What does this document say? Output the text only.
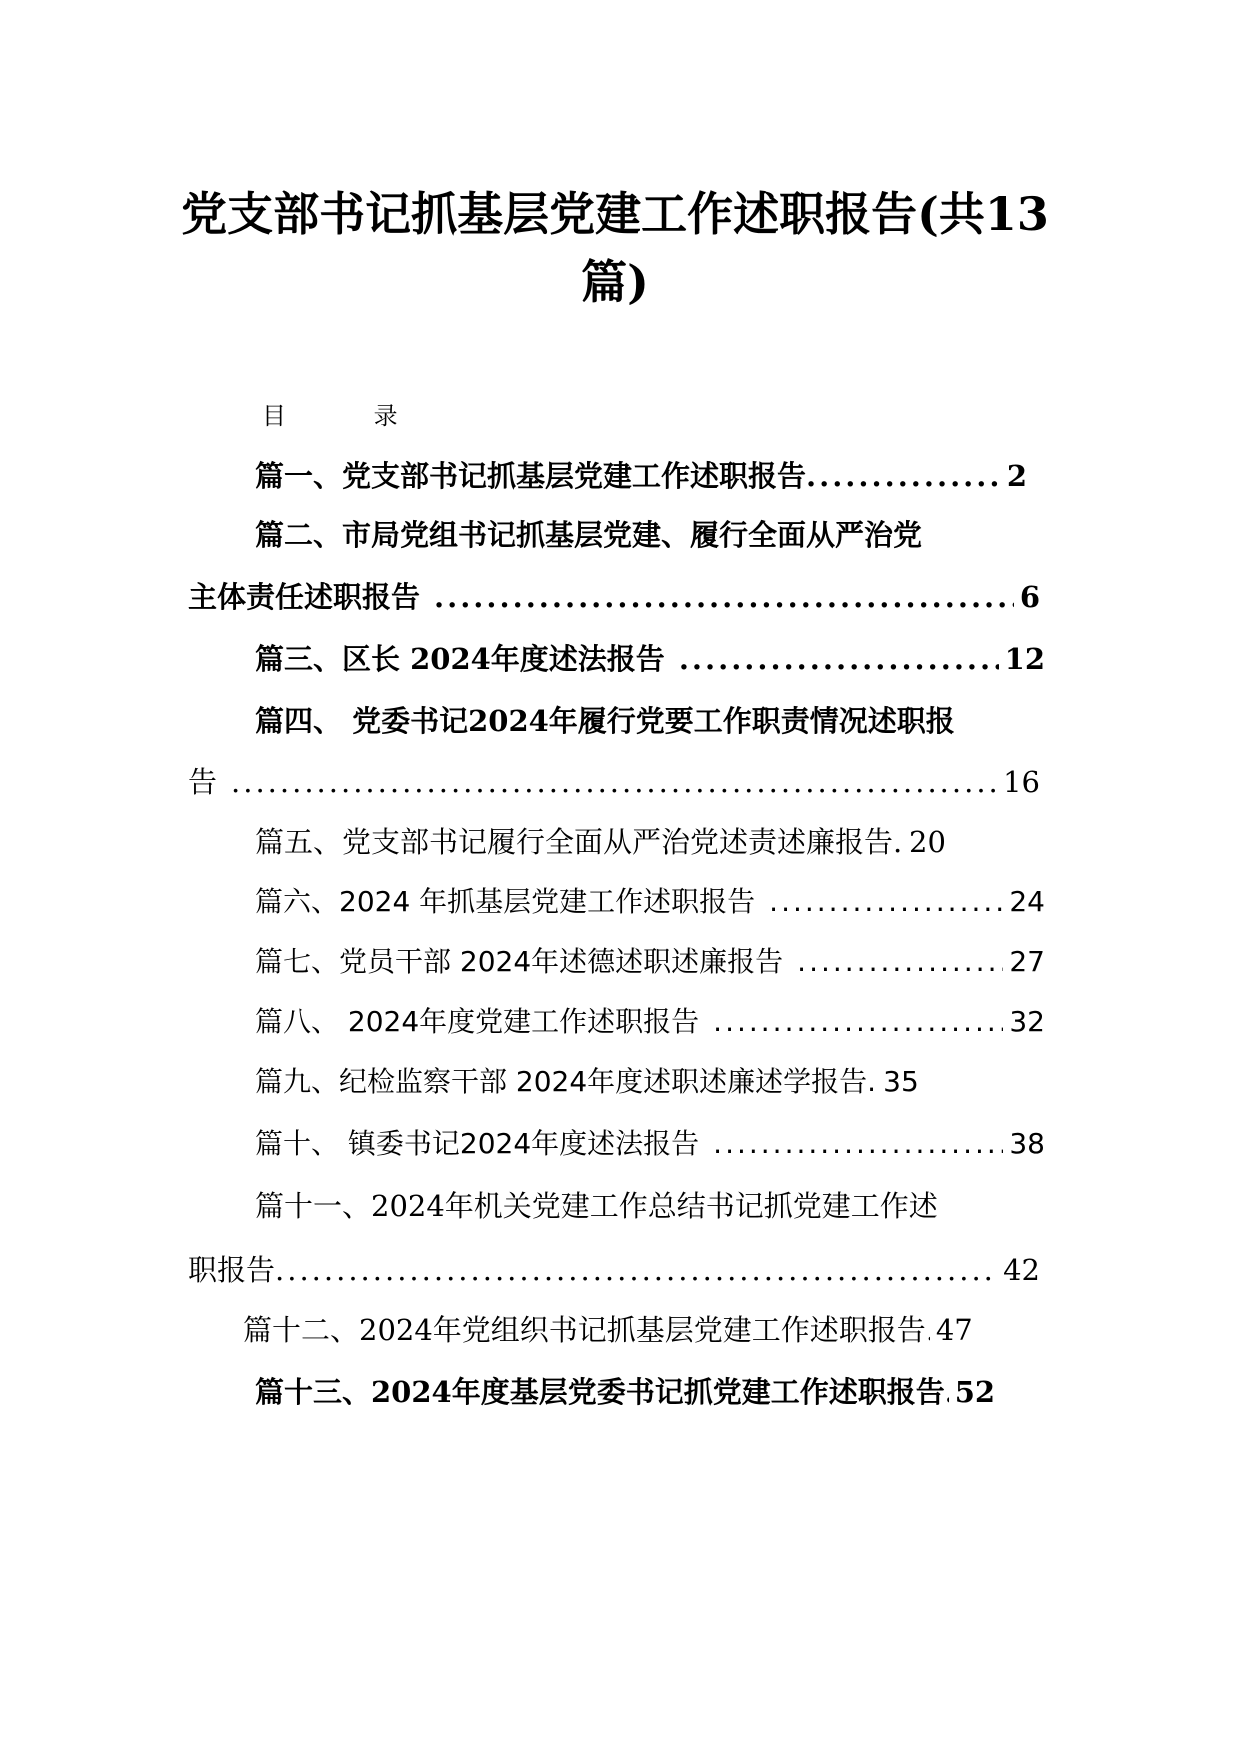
党支部书记抓基层党建工作述职报告(共13篇)
目 录
篇一、党支部书记抓基层党建工作述职报告 .....	2
篇二、市局党组书记抓基层党建、履行全面从严治党
主体责任述职报告 .....	6
篇三、区长 2024年度述法报告 .....	12
篇四、 党委书记2024年履行党要工作职责情况述职报
告 .....	16
篇五、党支部书记履行全面从严治党述责述廉报告 ..... 20
篇六、2024 年抓基层党建工作述职报告 .....	24
篇七、党员干部 2024年述德述职述廉报告 .....	27
篇八、 2024年度党建工作述职报告 .....	32
篇九、纪检监察干部 2024年度述职述廉述学报告 ..... 35
篇十、 镇委书记2024年度述法报告 .....	38
篇十一、2024年机关党建工作总结书记抓党建工作述
职报告 .....	42
篇十二、2024年党组织书记抓基层党建工作述职报告 ..... 47
篇十三、2024年度基层党委书记抓党建工作述职报告 ..... 52
